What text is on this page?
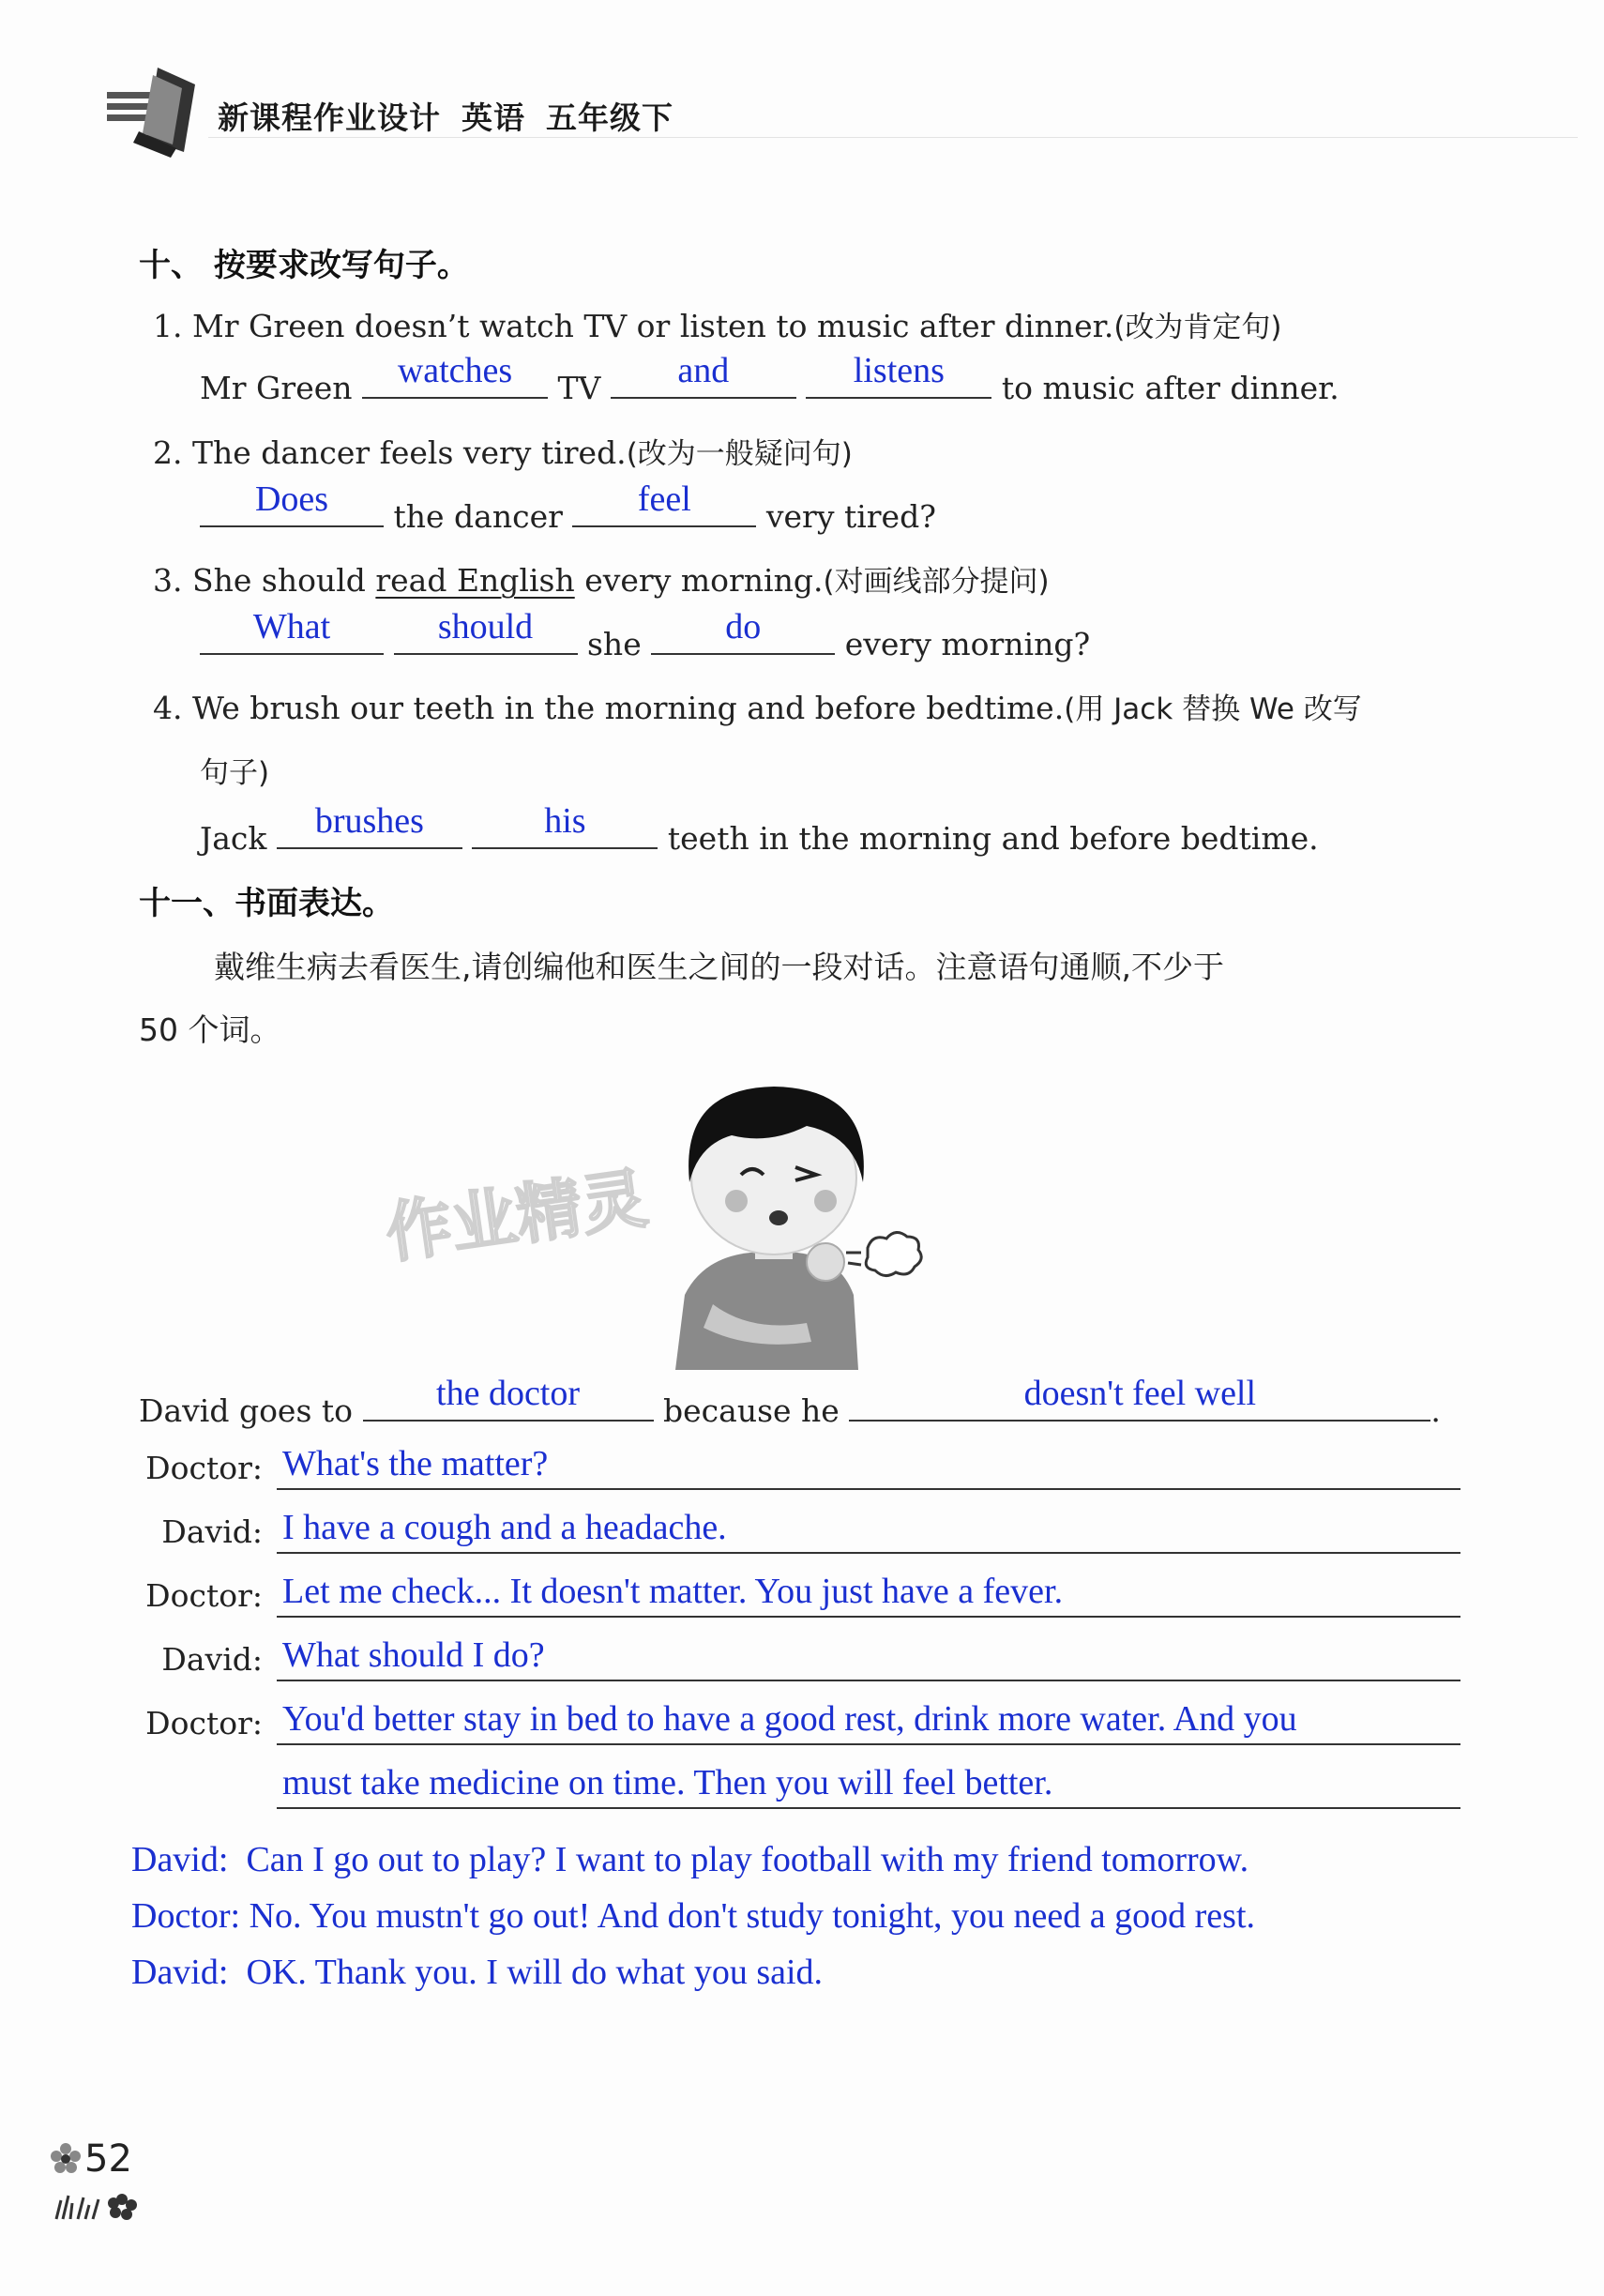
新课程作业设计 英语 五年级下
十、 按要求改写句子。
1. Mr Green doesn’t watch TV or listen to music after dinner.(改为肯定句)
Mr Green	watches	TV	and
	listens	to music after dinner.
2. The dancer feels very tired.(改为一般疑问句)
Does	the dancer	feel	very tired?
3. She should read English every morning.(对画线部分提问)
What
	should	she	do	every morning?
4. We brush our teeth in the morning and before bedtime.(用 Jack 替换 We 改写
句子)
Jack	brushes
	his	teeth in the morning and before bedtime.
十一、书面表达。
戴维生病去看医生,请创编他和医生之间的一段对话。注意语句通顺,不少于
50 个词。
作业精灵
David goes to	the doctor	because he	doesn't feel well	.
Doctor: What's the matter?
David: I have a cough and a headache.
Doctor: Let me check... It doesn't matter. You just have a fever.
David: What should I do?
Doctor: You'd better stay in bed to have a good rest, drink more water. And you
must take medicine on time. Then you will feel better.
David: Can I go out to play? I want to play football with my friend tomorrow.
Doctor: No. You mustn't go out! And don't study tonight, you need a good rest.
David: OK. Thank you. I will do what you said.
52
